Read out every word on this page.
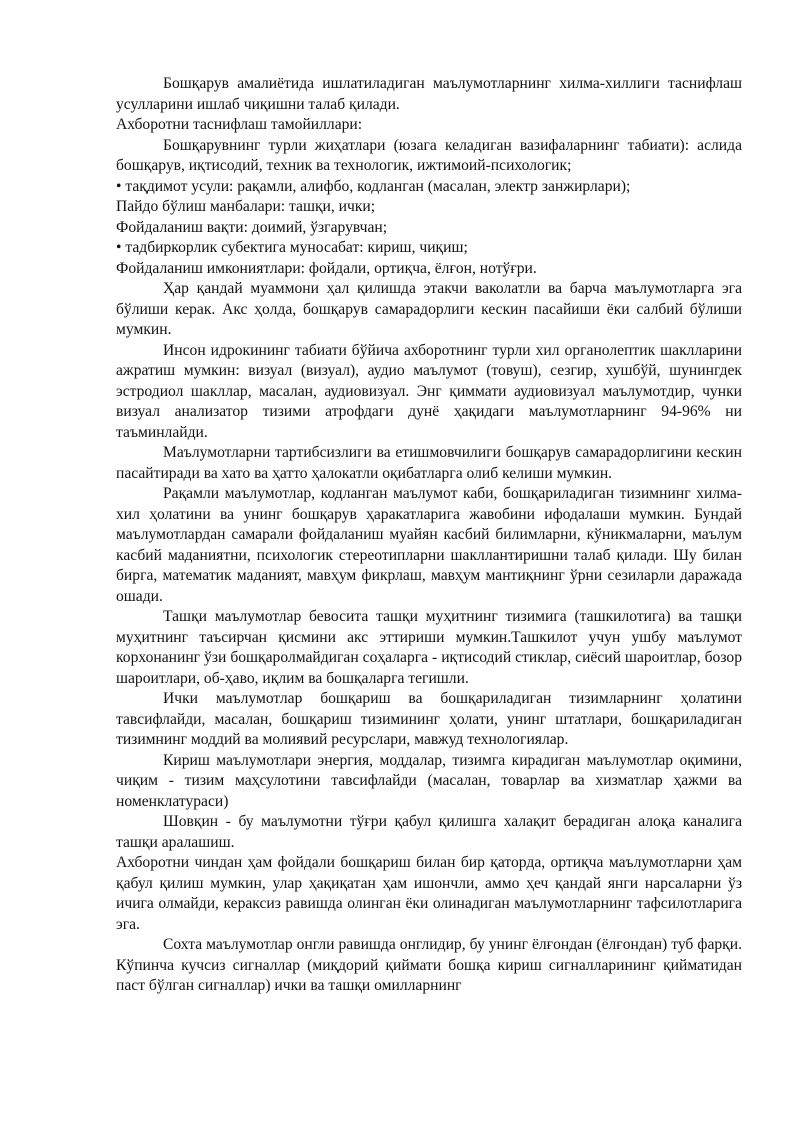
Бошқарув амалиётида ишлатиладиган маълумотларнинг хилма-хиллиги таснифлаш усулларини ишлаб чиқишни талаб қилади.

Ахборотни таснифлаш тамойиллари:

Бошқарувнинг турли жиҳатлари (юзага келадиган вазифаларнинг табиати): аслида бошқарув, иқтисодий, техник ва технологик, ижтимоий-психологик;

• тақдимот усули: рақамли, алифбо, кодланган (масалан, электр занжирлари);

Пайдо бўлиш манбалари: ташқи, ички;

Фойдаланиш вақти: доимий, ўзгарувчан;

• тадбиркорлик субектига муносабат: кириш, чиқиш;

Фойдаланиш имкониятлари: фойдали, ортиқча, ёлғон, нотўғри.

Ҳар қандай муаммони ҳал қилишда этакчи ваколатли ва барча маълумотларга эга бўлиши керак. Акс ҳолда, бошқарув самарадорлиги кескин пасайиши ёки салбий бўлиши мумкин.

Инсон идрокининг табиати бўйича ахборотнинг турли хил органолептик шаклларини ажратиш мумкин: визуал (визуал), аудио маълумот (товуш), сезгир, хушбўй, шунингдек эстродиол шакллар, масалан, аудиовизуал. Энг қиммати аудиовизуал маълумотдир, чунки визуал анализатор тизими атрофдаги дунё ҳақидаги маълумотларнинг 94-96% ни таъминлайди.

Маълумотларни тартибсизлиги ва етишмовчилиги бошқарув самарадорлигини кескин пасайтиради ва хато ва ҳатто ҳалокатли оқибатларга олиб келиши мумкин.

Рақамли маълумотлар, кодланган маълумот каби, бошқариладиган тизимнинг хилма-хил ҳолатини ва унинг бошқарув ҳаракатларига жавобини ифодалаши мумкин. Бундай маълумотлардан самарали фойдаланиш муайян касбий билимларни, кўникмаларни, маълум касбий маданиятни, психологик стереотипларни шакллантиришни талаб қилади. Шу билан бирга, математик маданият, мавҳум фикрлаш, мавҳум мантиқнинг ўрни сезиларли даражада ошади.

Ташқи маълумотлар бевосита ташқи муҳитнинг тизимига (ташкилотига) ва ташқи муҳитнинг таъсирчан қисмини акс эттириши мумкин.Ташкилот учун ушбу маълумот корхонанинг ўзи бошқаролмайдиган соҳаларга - иқтисодий стиклар, сиёсий шароитлар, бозор шароитлари, об-ҳаво, иқлим ва бошқаларга тегишли.

Ички маълумотлар бошқариш ва бошқариладиган тизимларнинг ҳолатини тавсифлайди, масалан, бошқариш тизимининг ҳолати, унинг штатлари, бошқариладиган тизимнинг моддий ва молиявий ресурслари, мавжуд технологиялар.

Кириш маълумотлари энергия, моддалар, тизимга кирадиган маълумотлар оқимини, чиқим - тизим маҳсулотини тавсифлайди (масалан, товарлар ва хизматлар ҳажми ва номенклатураси)

Шовқин - бу маълумотни тўғри қабул қилишга халақит берадиган алоқа каналига ташқи аралашиш.

Ахборотни чиндан ҳам фойдали бошқариш билан бир қаторда, ортиқча маълумотларни ҳам қабул қилиш мумкин, улар ҳақиқатан ҳам ишончли, аммо ҳеч қандай янги нарсаларни ўз ичига олмайди, керaксиз равишда олинган ёки олинадиган маълумотларнинг тафсилотларига эга.

Сохта маълумотлар онгли равишда онглидир, бу унинг ёлғондан (ёлғондан) туб фарқи. Кўпинча кучсиз сигналлар (миқдорий қиймати бошқа кириш сигналларининг қийматидан паст бўлган сигналлар) ички ва ташқи омилларнинг
